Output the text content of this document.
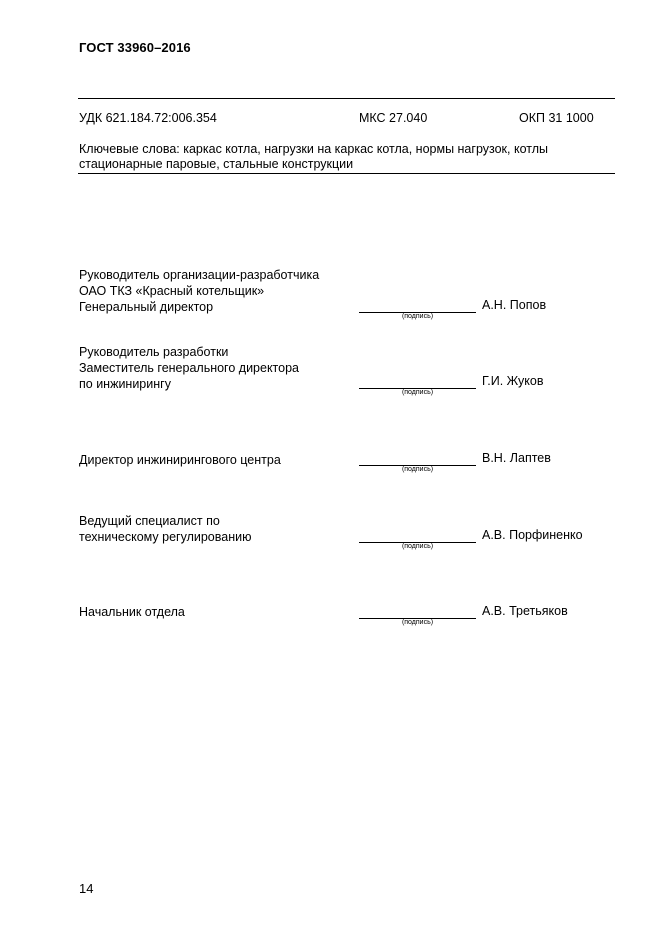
ГОСТ 33960–2016
УДК 621.184.72:006.354	МКС 27.040	ОКП 31 1000
Ключевые слова: каркас котла, нагрузки на каркас котла, нормы нагрузок, котлы
стационарные паровые, стальные конструкции
Руководитель организации-разработчика
ОАО ТКЗ «Красный котельщик»
Генеральный директор
(подпись)
А.Н. Попов
Руководитель разработки
Заместитель генерального директора
по инжинирингу
(подпись)
Г.И. Жуков
Директор инжинирингового центра
(подпись)
В.Н. Лаптев
Ведущий специалист по
техническому регулированию
(подпись)
А.В. Порфиненко
Начальник отдела
(подпись)
А.В. Третьяков
14
